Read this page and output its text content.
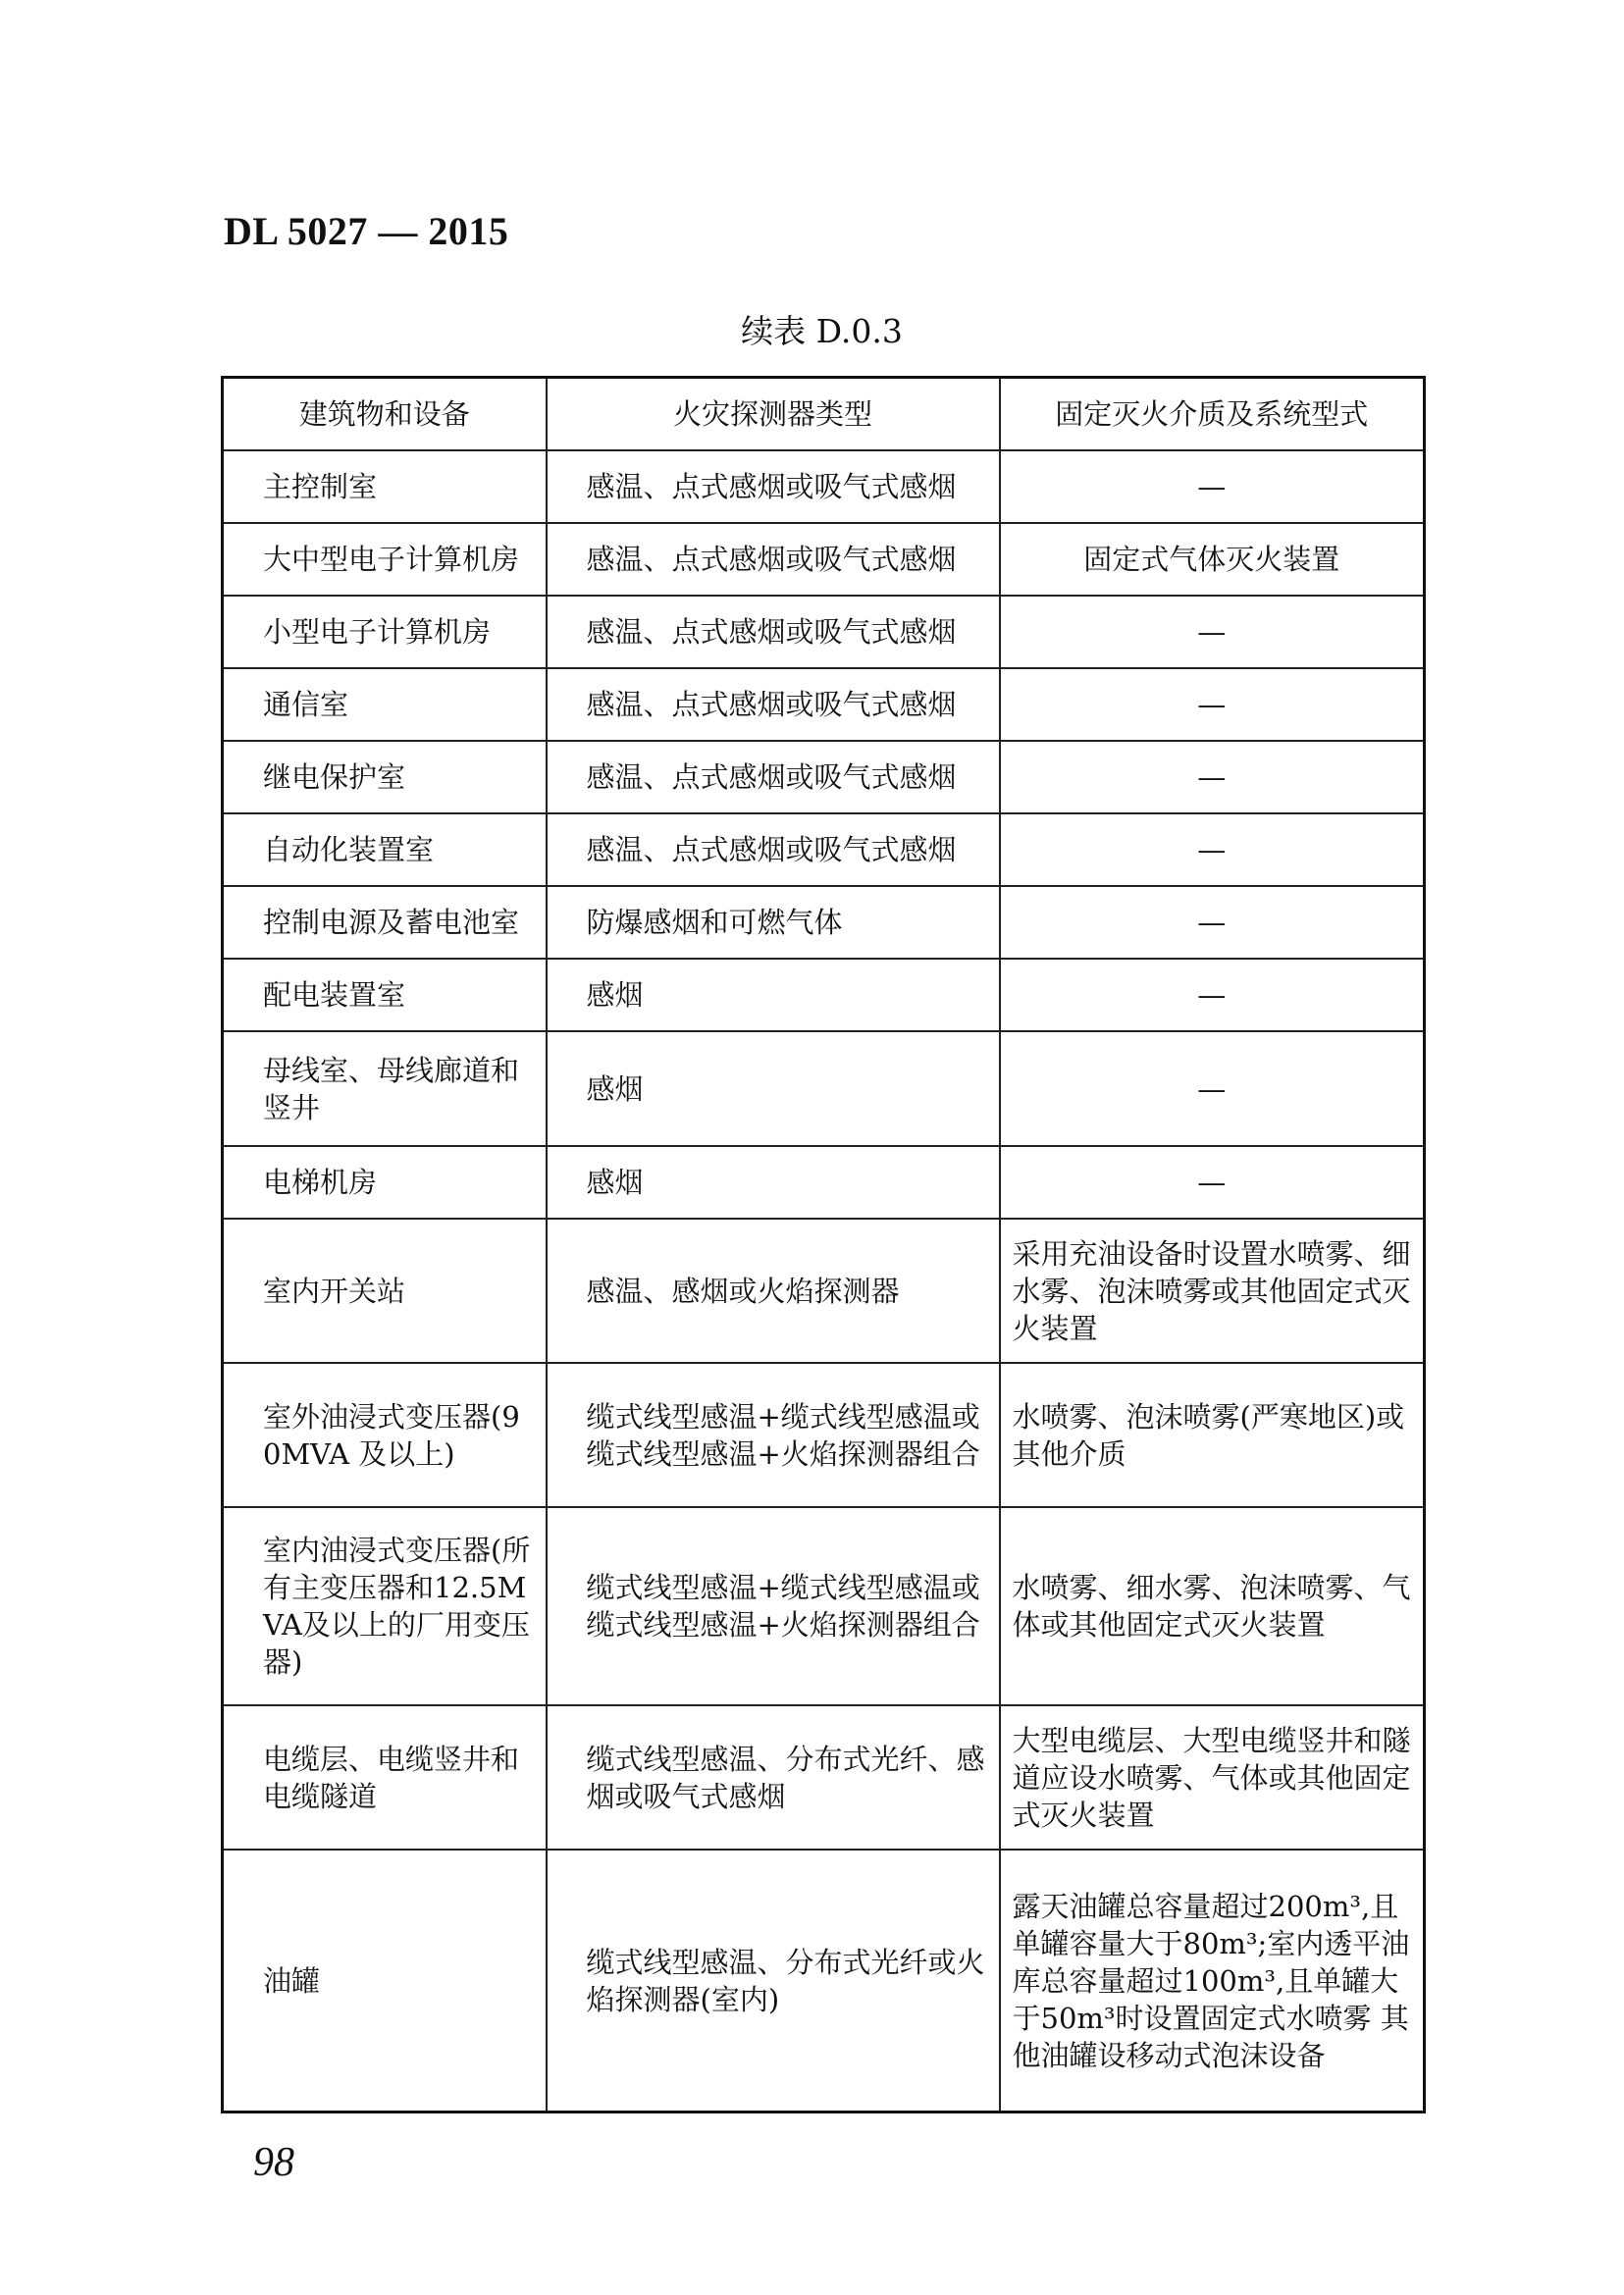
DL 5027 — 2015
续表 D.0.3
建筑物和设备	火灾探测器类型	固定灭火介质及系统型式
主控制室	感温、点式感烟或吸气式感烟	—
大中型电子计算机房	感温、点式感烟或吸气式感烟	固定式气体灭火装置
小型电子计算机房	感温、点式感烟或吸气式感烟	—
通信室	感温、点式感烟或吸气式感烟	—
继电保护室	感温、点式感烟或吸气式感烟	—
自动化装置室	感温、点式感烟或吸气式感烟	—
控制电源及蓄电池室	防爆感烟和可燃气体	—
配电装置室	感烟	—
母线室、母线廊道和竖井	感烟	—
电梯机房	感烟	—
室内开关站	感温、感烟或火焰探测器	采用充油设备时设置水喷雾、细水雾、泡沫喷雾或其他固定式灭火装置
室外油浸式变压器(90MVA 及以上)	缆式线型感温+缆式线型感温或缆式线型感温+火焰探测器组合	水喷雾、泡沫喷雾(严寒地区)或其他介质
室内油浸式变压器(所有主变压器和12.5MVA及以上的厂用变压器)	缆式线型感温+缆式线型感温或缆式线型感温+火焰探测器组合	水喷雾、细水雾、泡沫喷雾、气体或其他固定式灭火装置
电缆层、电缆竖井和电缆隧道	缆式线型感温、分布式光纤、感烟或吸气式感烟	大型电缆层、大型电缆竖井和隧道应设水喷雾、气体或其他固定式灭火装置
油罐	缆式线型感温、分布式光纤或火焰探测器(室内)	露天油罐总容量超过200m³,且单罐容量大于80m³;室内透平油库总容量超过100m³,且单罐大于50m³时设置固定式水喷雾 其他油罐设移动式泡沫设备
98
